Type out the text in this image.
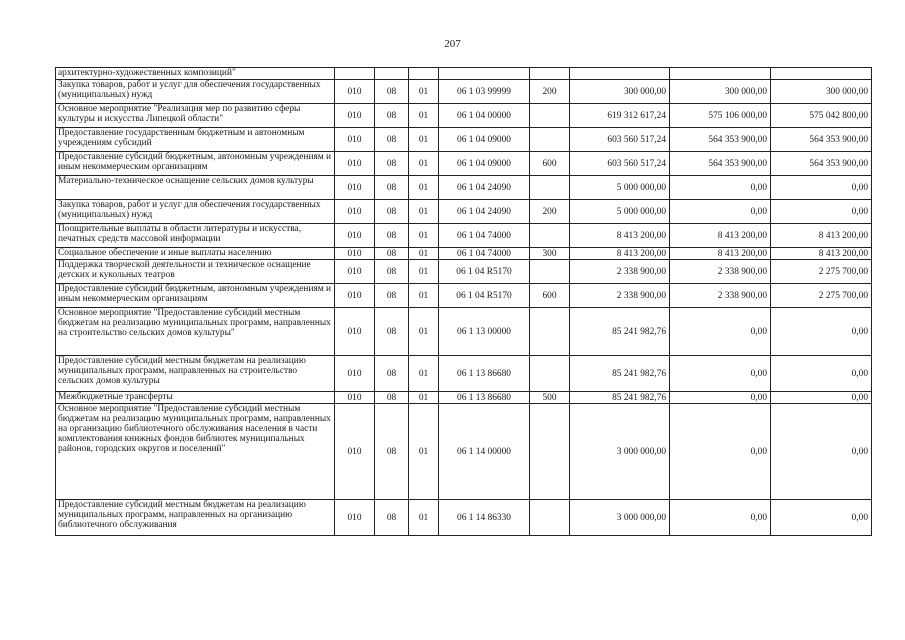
207
архитектурно-художественных композиций"								
Закупка товаров, работ и услуг для обеспечения государственных (муниципальных) нужд	010	08	01	06 1 03 99999	200	300 000,00	300 000,00	300 000,00
Основное мероприятие "Реализация мер по развитию сферы культуры и искусства Липецкой области"	010	08	01	06 1 04 00000		619 312 617,24	575 106 000,00	575 042 800,00
Предоставление государственным бюджетным и автономным учреждениям субсидий	010	08	01	06 1 04 09000		603 560 517,24	564 353 900,00	564 353 900,00
Предоставление субсидий бюджетным, автономным учреждениям и иным некоммерческим организациям	010	08	01	06 1 04 09000	600	603 560 517,24	564 353 900,00	564 353 900,00
Материально-техническое оснащение сельских домов культуры	010	08	01	06 1 04 24090		5 000 000,00	0,00	0,00
Закупка товаров, работ и услуг для обеспечения государственных (муниципальных) нужд	010	08	01	06 1 04 24090	200	5 000 000,00	0,00	0,00
Поощрительные выплаты в области литературы и искусства, печатных средств массовой информации	010	08	01	06 1 04 74000		8 413 200,00	8 413 200,00	8 413 200,00
Социальное обеспечение и иные выплаты населению	010	08	01	06 1 04 74000	300	8 413 200,00	8 413 200,00	8 413 200,00
Поддержка творческой деятельности и техническое оснащение детских и кукольных театров	010	08	01	06 1 04 R5170		2 338 900,00	2 338 900,00	2 275 700,00
Предоставление субсидий бюджетным, автономным учреждениям и иным некоммерческим организациям	010	08	01	06 1 04 R5170	600	2 338 900,00	2 338 900,00	2 275 700,00
Основное мероприятие "Предоставление субсидий местным бюджетам на реализацию муниципальных программ, направленных на строительство сельских домов культуры"	010	08	01	06 1 13 00000		85 241 982,76	0,00	0,00
Предоставление субсидий местным бюджетам на реализацию муниципальных программ, направленных на строительство сельских домов культуры	010	08	01	06 1 13 86680		85 241 982,76	0,00	0,00
Межбюджетные трансферты	010	08	01	06 1 13 86680	500	85 241 982,76	0,00	0,00
Основное мероприятие "Предоставление субсидий местным бюджетам на реализацию муниципальных программ, направленных на организацию библиотечного обслуживания населения в части комплектования книжных фондов библиотек муниципальных районов, городских округов и поселений"	010	08	01	06 1 14 00000		3 000 000,00	0,00	0,00
Предоставление субсидий местным бюджетам на реализацию муниципальных программ, направленных на организацию библиотечного обслуживания	010	08	01	06 1 14 86330		3 000 000,00	0,00	0,00
